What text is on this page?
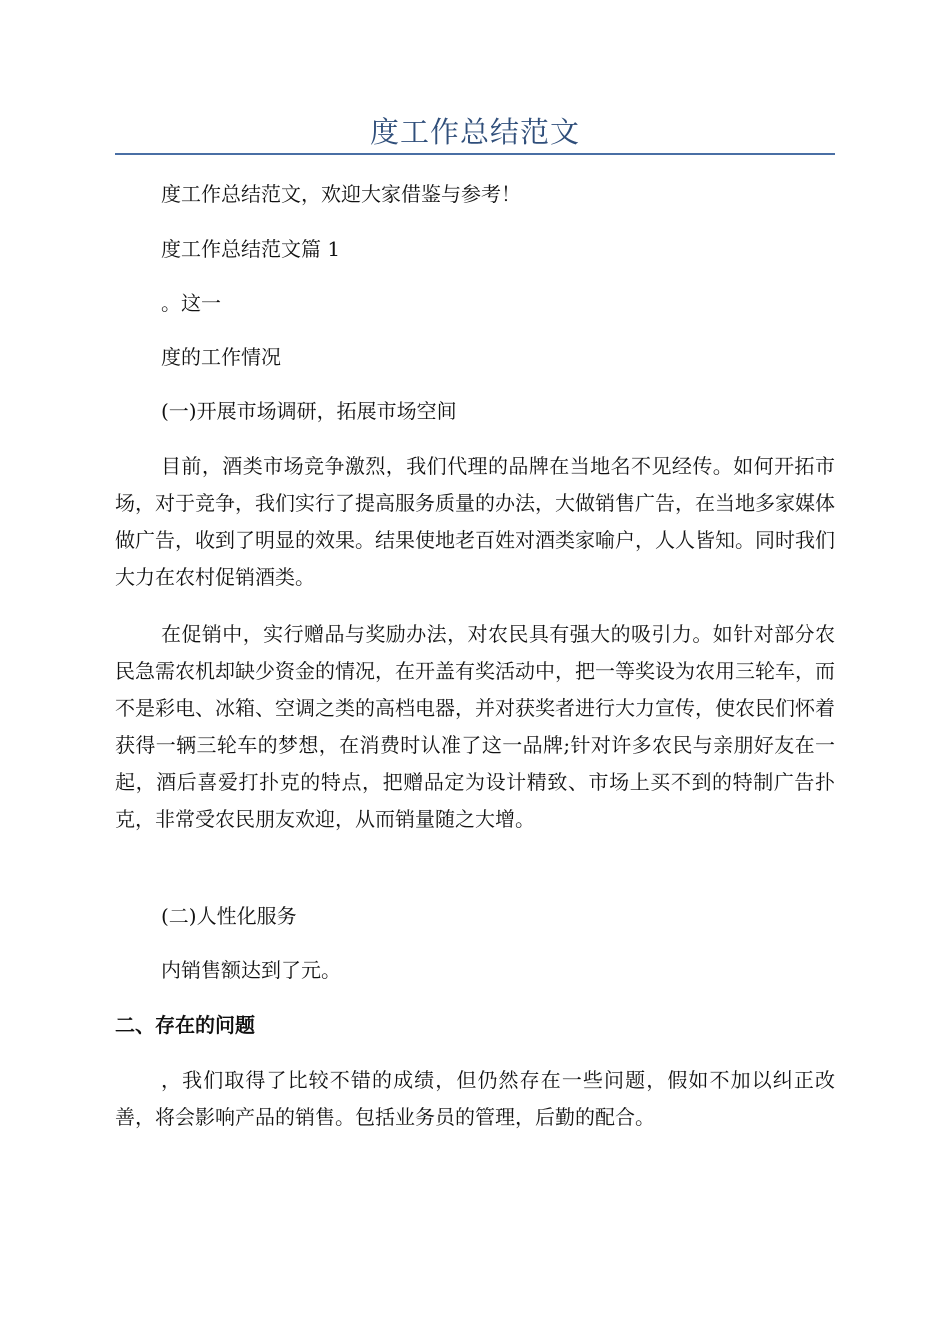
度工作总结范文

度工作总结范文，欢迎大家借鉴与参考！

度工作总结范文篇 1

。这一

度的工作情况

(一)开展市场调研，拓展市场空间

目前，酒类市场竞争激烈，我们代理的品牌在当地名不见经传。如何开拓市场，对于竞争，我们实行了提高服务质量的办法，大做销售广告，在当地多家媒体做广告，收到了明显的效果。结果使地老百姓对酒类家喻户，人人皆知。同时我们大力在农村促销酒类。

在促销中，实行赠品与奖励办法，对农民具有强大的吸引力。如针对部分农民急需农机却缺少资金的情况，在开盖有奖活动中，把一等奖设为农用三轮车，而不是彩电、冰箱、空调之类的高档电器，并对获奖者进行大力宣传，使农民们怀着获得一辆三轮车的梦想，在消费时认准了这一品牌;针对许多农民与亲朋好友在一起，酒后喜爱打扑克的特点，把赠品定为设计精致、市场上买不到的特制广告扑克，非常受农民朋友欢迎，从而销量随之大增。

(二)人性化服务

内销售额达到了元。

二、存在的问题

，我们取得了比较不错的成绩，但仍然存在一些问题，假如不加以纠正改善，将会影响产品的销售。包括业务员的管理，后勤的配合。
